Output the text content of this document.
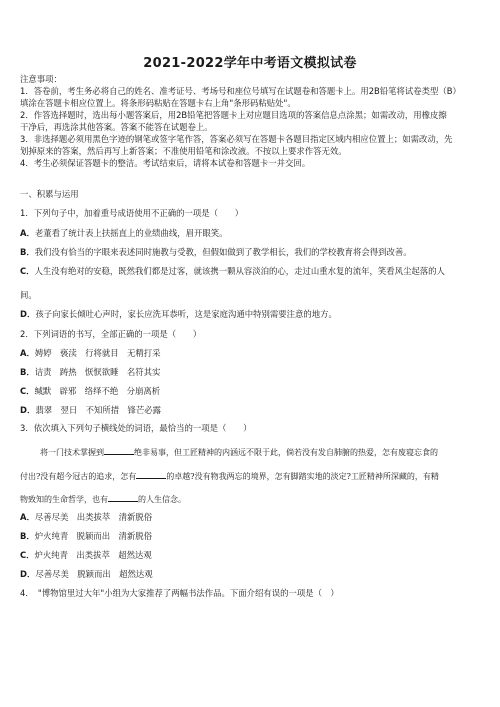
2021-2022学年中考语文模拟试卷
注意事项：
1．答卷前，考生务必将自己的姓名、准考证号、考场号和座位号填写在试题卷和答题卡上。用2B铅笔将试卷类型（B）
填涂在答题卡相应位置上。将条形码粘贴在答题卡右上角"条形码粘贴处"。
2．作答选择题时，选出每小题答案后，用2B铅笔把答题卡上对应题目选项的答案信息点涂黑；如需改动，用橡皮擦
干净后，再选涂其他答案。答案不能答在试题卷上。
3．非选择题必须用黑色字迹的钢笔或签字笔作答，答案必须写在答题卡各题目指定区域内相应位置上；如需改动，先
划掉原来的答案，然后再写上新答案；不准使用铅笔和涂改液。不按以上要求作答无效。
4．考生必须保证答题卡的整洁。考试结束后，请将本试卷和答题卡一并交回。
一、积累与运用
1．下列句子中，加着重号成语使用不正确的一项是（　　）
A．老董看了统计表上扶摇直上的业绩曲线，眉开眼笑。
B．我们没有恰当的字眼来表述同时施教与受教，但假如做到了教学相长，我们的学校教育将会得到改善。
C．人生没有绝对的安稳，既然我们都是过客，就该携一颗从容淡泊的心，走过山重水复的流年，笑看风尘起落的人
间。
D．孩子向家长倾吐心声时，家长应洗耳恭听，这是家庭沟通中特别需要注意的地方。
2．下列词语的书写，全部正确的一项是（　　）
A．娉婷　亵渎　行将就目　无精打采
B．诘责　踌热　恹恹欲睡　名符其实
C．缄默　辟邪　络绎不绝　分崩离析
D．翡翠　翌日　不知所措　锋芒必露
3．依次填入下列句子横线处的词语，最恰当的一项是（　　）
将一门技术掌握到	绝非易事，但工匠精神的内涵远不限于此，倘若没有发自肺腑的热爱，怎有废寝忘食的
付出?没有超今冠古的追求，怎有	的卓越?没有物我两忘的境界，怎有脚踏实地的淡定?工匠精神所深藏的，有精
物致知的生命哲学，也有	的人生信念。
A．尽善尽美　出类拔萃　清新脱俗
B．炉火纯青　脱颖而出　清新脱俗
C．炉火纯青　出类拔萃　超然达观
D．尽善尽美　脱颖而出　超然达观
4．　"博物馆里过大年"小组为大家推荐了两幅书法作品。下面介绍有误的一项是（　）
